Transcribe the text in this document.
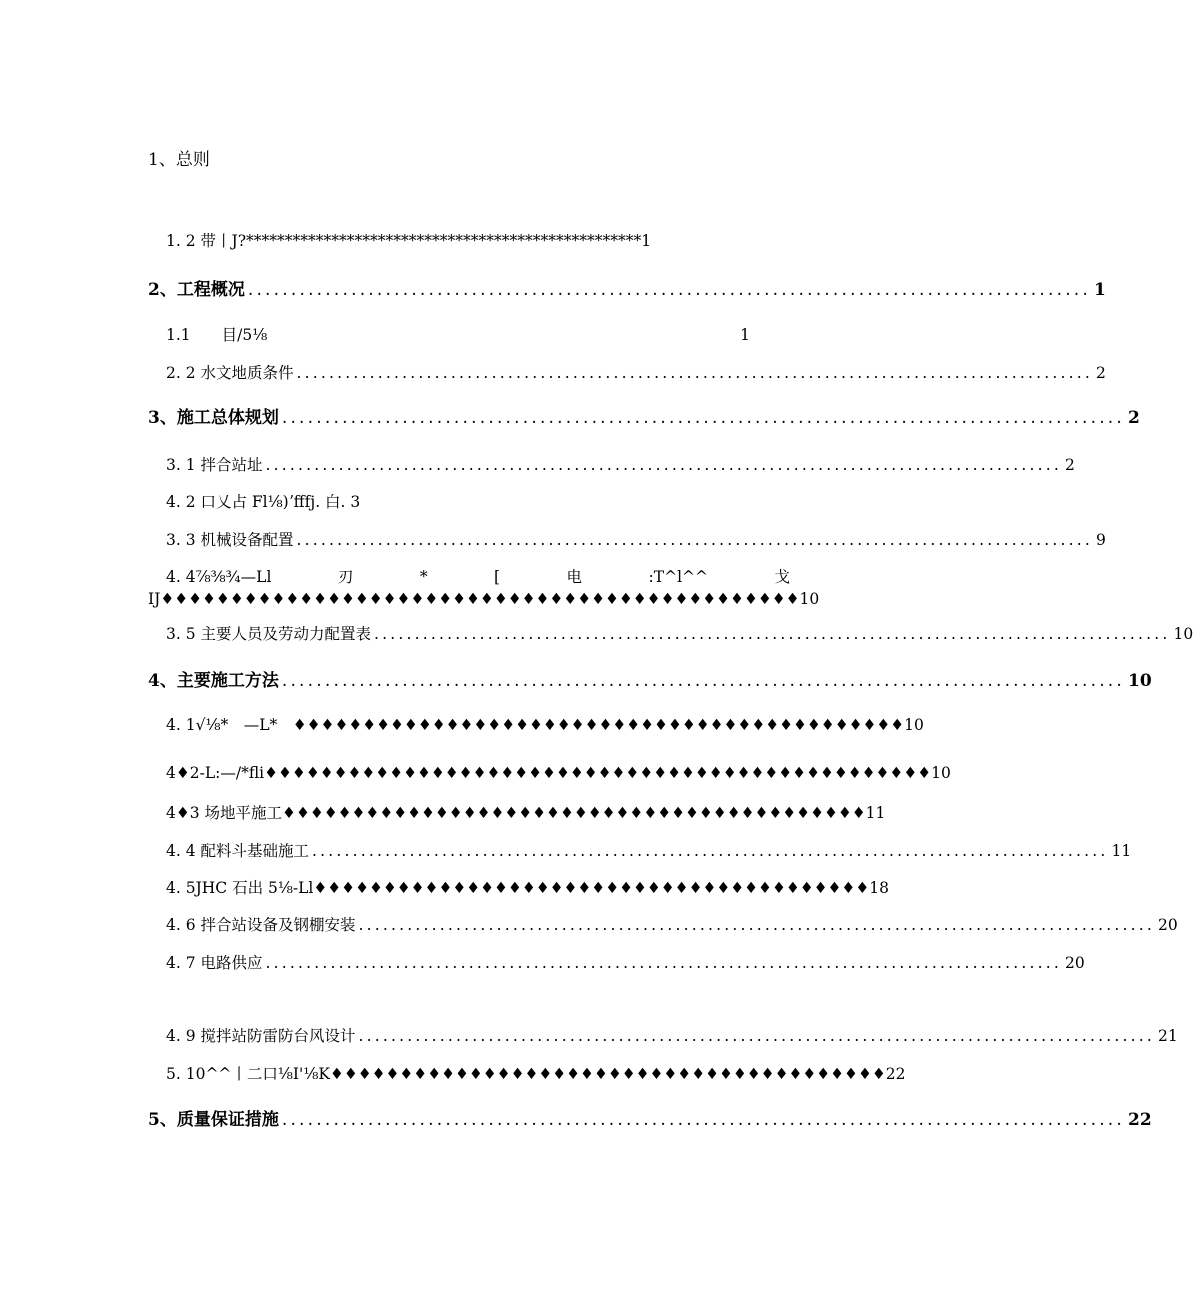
1、总则
1. 2 带丨J?***************************************************1
2、工程概况 .................................................................................................. 1
1.1　　目/5⅛	1
2. 2 水文地质条件 .................................................................................................. 2
3、施工总体规划 .................................................................................................. 2
3. 1 拌合站址 .................................................................................................. 2
4. 2 口乂占 Fl⅛)ʼfffj. 白. 3
3. 3 机械设备配置 .................................................................................................. 9
4. 4⅞⅜¾—Ll	刃	*	[	电	:T^l^^	戈
IJ♦♦♦♦♦♦♦♦♦♦♦♦♦♦♦♦♦♦♦♦♦♦♦♦♦♦♦♦♦♦♦♦♦♦♦♦♦♦♦♦♦♦♦♦♦♦10
3. 5 主要人员及劳动力配置表 .................................................................................................. 10
4、主要施工方法 .................................................................................................. 10
4. 1√⅛*　—L*　♦♦♦♦♦♦♦♦♦♦♦♦♦♦♦♦♦♦♦♦♦♦♦♦♦♦♦♦♦♦♦♦♦♦♦♦♦♦♦♦♦♦♦♦10
4♦2-L:—/*fli♦♦♦♦♦♦♦♦♦♦♦♦♦♦♦♦♦♦♦♦♦♦♦♦♦♦♦♦♦♦♦♦♦♦♦♦♦♦♦♦♦♦♦♦♦♦♦♦10
4♦3 场地平施工♦♦♦♦♦♦♦♦♦♦♦♦♦♦♦♦♦♦♦♦♦♦♦♦♦♦♦♦♦♦♦♦♦♦♦♦♦♦♦♦♦♦11
4. 4 配料斗基础施工 .................................................................................................. 11
4. 5JHC 石出 5⅛-Ll♦♦♦♦♦♦♦♦♦♦♦♦♦♦♦♦♦♦♦♦♦♦♦♦♦♦♦♦♦♦♦♦♦♦♦♦♦♦♦♦18
4. 6 拌合站设备及钢棚安装 .................................................................................................. 20
4. 7 电路供应 .................................................................................................. 20
4. 9 搅拌站防雷防台风设计 .................................................................................................. 21
5. 10^^丨二口⅛I'⅛K♦♦♦♦♦♦♦♦♦♦♦♦♦♦♦♦♦♦♦♦♦♦♦♦♦♦♦♦♦♦♦♦♦♦♦♦♦♦♦♦22
5、质量保证措施 .................................................................................................. 22
